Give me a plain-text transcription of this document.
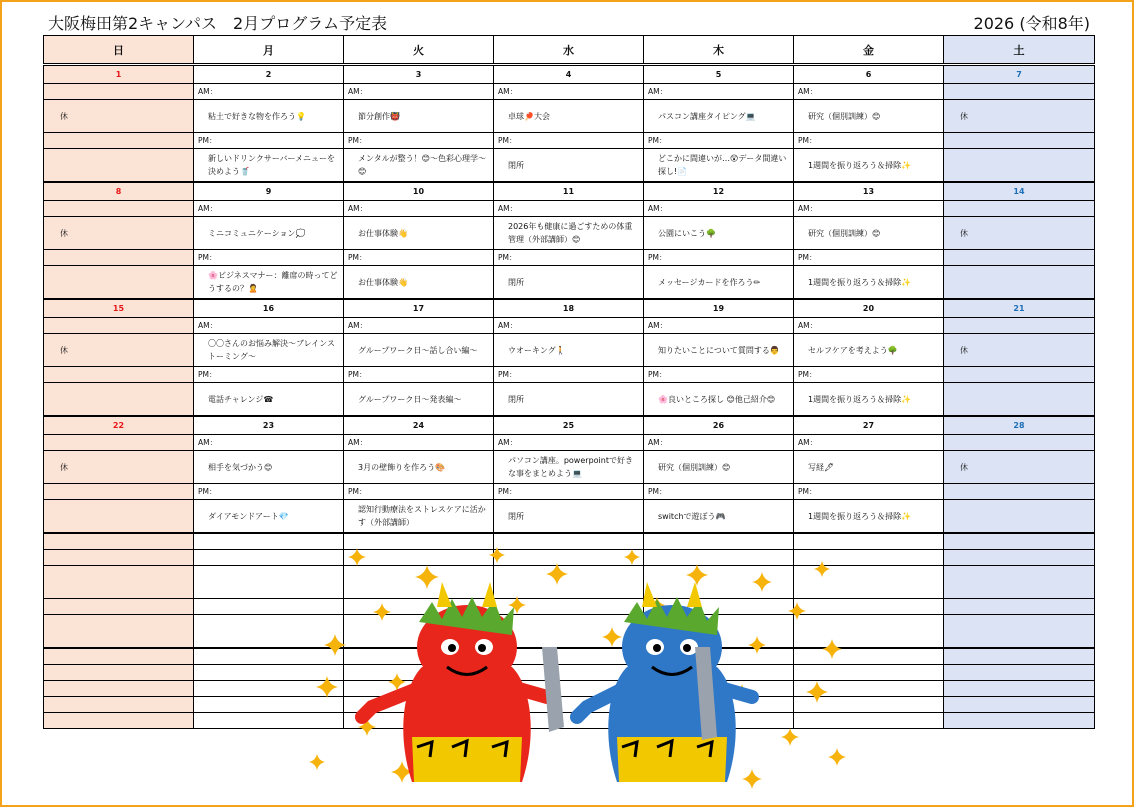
大阪梅田第2キャンパス　2月プログラム予定表	2026 (令和8年)
日	月	火	水	木	金	土
1	2	3	4	5	6	7
	AM：	AM：	AM：	AM：	AM：	
休	粘土で好きな物を作ろう💡	節分創作👹	卓球🏓大会	パスコン講座タイピング💻	研究（個別訓練）😊	休
	PM：	PM：	PM：	PM：	PM：	
	新しいドリンクサーバーメニューを決めよう🥤	メンタルが整う！😊～色彩心理学～😊	閉所	どこかに間違いが…😲データ間違い探し!📄	1週間を振り返ろう＆掃除✨	
8	9	10	11	12	13	14
	AM：	AM：	AM：	AM：	AM：	
休	ミニコミュニケーション💭	お仕事体験👋	2026年も健康に過ごすための体重管理（外部講師）😊	公園にいこう🌳	研究（個別訓練）😊	休
	PM：	PM：	PM：	PM：	PM：	
	🌸ビジネスマナー：離席の時ってどうするの？🙎	お仕事体験👋	閉所	メッセージカードを作ろう✏	1週間を振り返ろう＆掃除✨	
15	16	17	18	19	20	21
	AM：	AM：	AM：	AM：	AM：	
休	〇〇さんのお悩み解決～ブレインストーミング～	グループワーク日～話し合い編～	ウオーキング🚶	知りたいことについて質問する👨	セルフケアを考えよう🌳	休
	PM：	PM：	PM：	PM：	PM：	
	電話チャレンジ☎	グループワーク日～発表編～	閉所	🌸良いところ探し 😊他己紹介😊	1週間を振り返ろう＆掃除✨	
22	23	24	25	26	27	28
	AM：	AM：	AM：	AM：	AM：	
休	相手を気づかう😊	3月の壁飾りを作ろう🎨	パソコン講座。powerpointで好きな事をまとめよう💻	研究（個別訓練）😊	写経🖋	休
	PM：	PM：	PM：	PM：	PM：	
	ダイアモンドアート💎	認知行動療法をストレスケアに活かす（外部講師）	閉所	switchで遊ぼう🎮	1週間を振り返ろう＆掃除✨	
